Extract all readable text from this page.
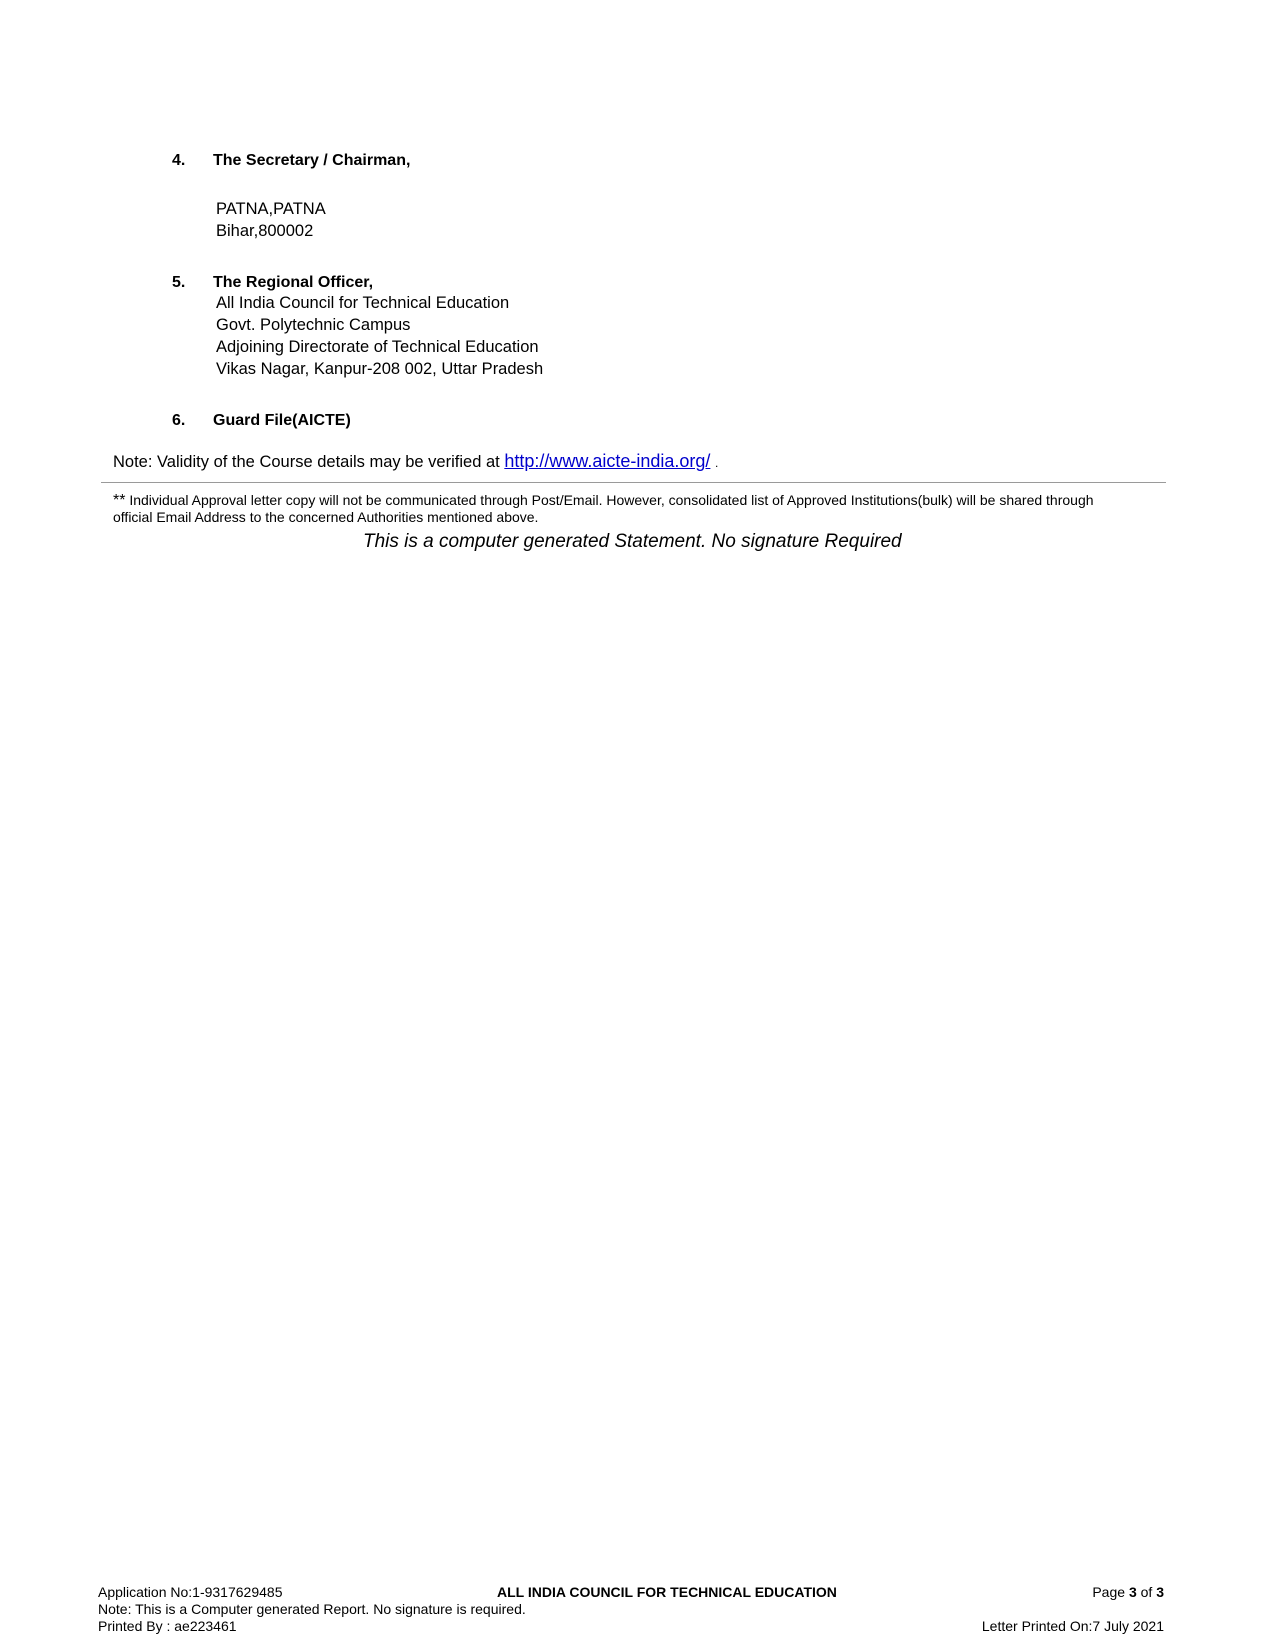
4. The Secretary / Chairman,
PATNA,PATNA
Bihar,800002
5. The Regional Officer,
All India Council for Technical Education
Govt. Polytechnic Campus
Adjoining Directorate of Technical Education
Vikas Nagar, Kanpur-208 002, Uttar Pradesh
6. Guard File(AICTE)
Note: Validity of the Course details may be verified at http://www.aicte-india.org/ .
** Individual Approval letter copy will not be communicated through Post/Email. However, consolidated list of Approved Institutions(bulk) will be shared through
official Email Address to the concerned Authorities mentioned above.
This is a computer generated Statement. No signature Required
Application No:1-9317629485	ALL INDIA COUNCIL FOR TECHNICAL EDUCATION	Page 3 of 3
Note: This is a Computer generated Report. No signature is required.
Printed By : ae223461	Letter Printed On:7 July 2021
